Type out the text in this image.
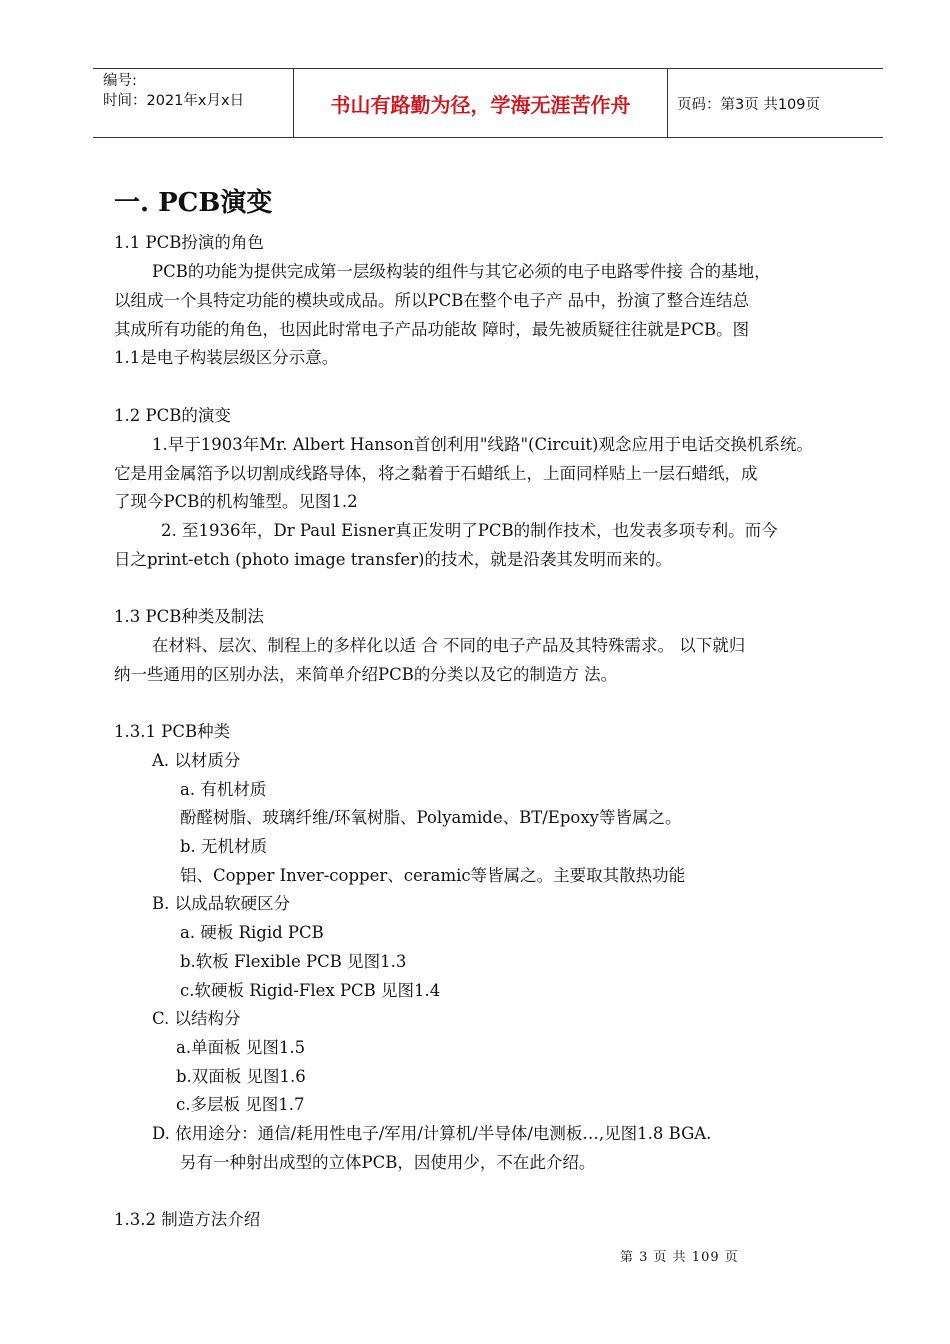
编号:
时间：2021年x月x日	书山有路勤为径，学海无涯苦作舟	页码：第3页 共109页
一. PCB演变
1.1 PCB扮演的角色
PCB的功能为提供完成第一层级构装的组件与其它必须的电子电路零件接 合的基地，
以组成一个具特定功能的模块或成品。所以PCB在整个电子产 品中，扮演了整合连结总
其成所有功能的角色，也因此时常电子产品功能故 障时，最先被质疑往往就是PCB。图
1.1是电子构装层级区分示意。
1.2 PCB的演变
1.早于1903年Mr. Albert Hanson首创利用"线路"(Circuit)观念应用于电话交换机系统。
它是用金属箔予以切割成线路导体，将之黏着于石蜡纸上，上面同样贴上一层石蜡纸，成
了现今PCB的机构雏型。见图1.2
2. 至1936年，Dr Paul Eisner真正发明了PCB的制作技术，也发表多项专利。而今
日之print-etch (photo image transfer)的技术，就是沿袭其发明而来的。
1.3 PCB种类及制法
在材料、层次、制程上的多样化以适 合 不同的电子产品及其特殊需求。 以下就归
纳一些通用的区别办法，来简单介绍PCB的分类以及它的制造方 法。
1.3.1 PCB种类
A. 以材质分
a. 有机材质
酚醛树脂、玻璃纤维/环氧树脂、Polyamide、BT/Epoxy等皆属之。
b. 无机材质
铝、Copper Inver-copper、ceramic等皆属之。主要取其散热功能
B. 以成品软硬区分
a. 硬板 Rigid PCB
b.软板 Flexible PCB 见图1.3
c.软硬板 Rigid-Flex PCB 见图1.4
C. 以结构分
a.单面板 见图1.5
b.双面板 见图1.6
c.多层板 见图1.7
D. 依用途分：通信/耗用性电子/军用/计算机/半导体/电测板…,见图1.8 BGA.
另有一种射出成型的立体PCB，因使用少，不在此介绍。
1.3.2 制造方法介绍
第 3 页 共 109 页
